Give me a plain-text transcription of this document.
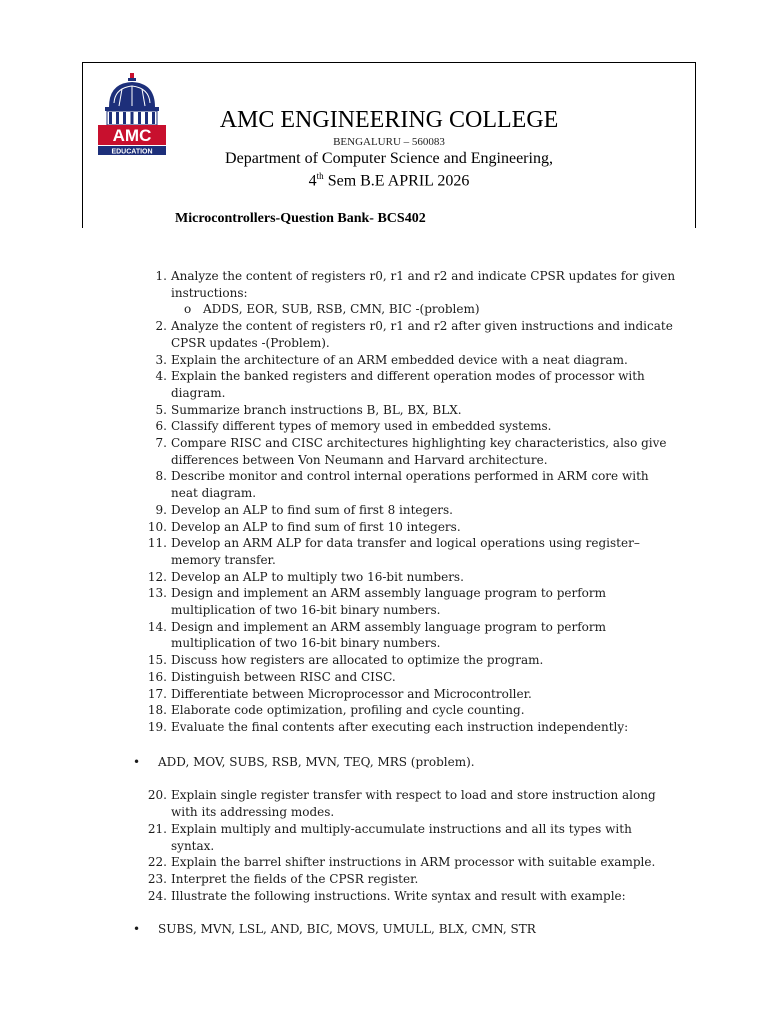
AMC
EDUCATION
AMC ENGINEERING COLLEGE
BENGALURU – 560083
Department of Computer Science and Engineering,
4th Sem B.E APRIL 2026
Microcontrollers-Question Bank- BCS402
1. Analyze the content of registers r0, r1 and r2 and indicate CPSR updates for given instructions:
o ADDS, EOR, SUB, RSB, CMN, BIC -(problem)
2. Analyze the content of registers r0, r1 and r2 after given instructions and indicate CPSR updates -(Problem).
3. Explain the architecture of an ARM embedded device with a neat diagram.
4. Explain the banked registers and different operation modes of processor with diagram.
5. Summarize branch instructions B, BL, BX, BLX.
6. Classify different types of memory used in embedded systems.
7. Compare RISC and CISC architectures highlighting key characteristics, also give differences between Von Neumann and Harvard architecture.
8. Describe monitor and control internal operations performed in ARM core with neat diagram.
9. Develop an ALP to find sum of first 8 integers.
10. Develop an ALP to find sum of first 10 integers.
11. Develop an ARM ALP for data transfer and logical operations using register–memory transfer.
12. Develop an ALP to multiply two 16-bit numbers.
13. Design and implement an ARM assembly language program to perform multiplication of two 16-bit binary numbers.
14. Design and implement an ARM assembly language program to perform multiplication of two 16-bit binary numbers.
15. Discuss how registers are allocated to optimize the program.
16. Distinguish between RISC and CISC.
17. Differentiate between Microprocessor and Microcontroller.
18. Elaborate code optimization, profiling and cycle counting.
19. Evaluate the final contents after executing each instruction independently:
• ADD, MOV, SUBS, RSB, MVN, TEQ, MRS (problem).
20. Explain single register transfer with respect to load and store instruction along with its addressing modes.
21. Explain multiply and multiply-accumulate instructions and all its types with syntax.
22. Explain the barrel shifter instructions in ARM processor with suitable example.
23. Interpret the fields of the CPSR register.
24. Illustrate the following instructions. Write syntax and result with example:
• SUBS, MVN, LSL, AND, BIC, MOVS, UMULL, BLX, CMN, STR
